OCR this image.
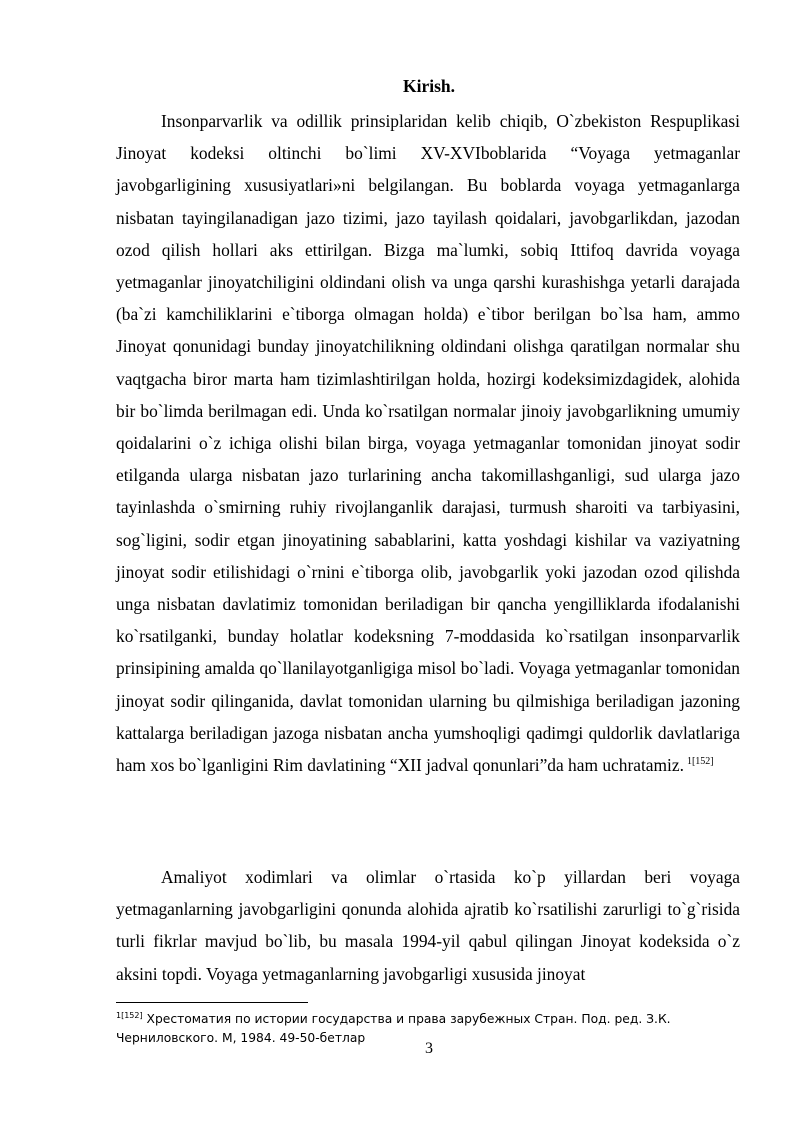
Kirish.

Insonparvarlik va odillik prinsiplaridan kelib chiqib, O`zbekiston Respuplikasi Jinoyat kodeksi oltinchi bo`limi XV-XVIboblarida “Voyaga yetmaganlar javobgarligining xususiyatlari»ni belgilangan. Bu boblarda voyaga yetmaganlarga nisbatan tayingilanadigan jazo tizimi, jazo tayilash qoidalari, javobgarlikdan, jazodan ozod qilish hollari aks ettirilgan. Bizga ma`lumki, sobiq Ittifoq davrida voyaga yetmaganlar jinoyatchiligini oldindani olish va unga qarshi kurashishga yetarli darajada (ba`zi kamchiliklarini e`tiborga olmagan holda) e`tibor berilgan bo`lsa ham, ammo Jinoyat qonunidagi bunday jinoyatchilikning oldindani olishga qaratilgan normalar shu vaqtgacha biror marta ham tizimlashtirilgan holda, hozirgi kodeksimizdagidek, alohida bir bo`limda berilmagan edi. Unda ko`rsatilgan normalar jinoiy javobgarlikning umumiy qoidalarini o`z ichiga olishi bilan birga, voyaga yetmaganlar tomonidan jinoyat sodir etilganda ularga nisbatan jazo turlarining ancha takomillashganligi, sud ularga jazo tayinlashda o`smirning ruhiy rivojlanganlik darajasi, turmush sharoiti va tarbiyasini, sog`ligini, sodir etgan jinoyatining sabablarini, katta yoshdagi kishilar va vaziyatning jinoyat sodir etilishidagi o`rnini e`tiborga olib, javobgarlik yoki jazodan ozod qilishda unga nisbatan davlatimiz tomonidan beriladigan bir qancha yengilliklarda ifodalanishi ko`rsatilganki, bunday holatlar kodeksning 7-moddasida ko`rsatilgan insonparvarlik prinsipining amalda qo`llanilayotganligiga misol bo`ladi. Voyaga yetmaganlar tomonidan jinoyat sodir qilinganida, davlat tomonidan ularning bu qilmishiga beriladigan jazoning kattalarga beriladigan jazoga nisbatan ancha yumshoqligi qadimgi quldorlik davlatlariga ham xos bo`lganligini Rim davlatining “XII jadval qonunlari”da ham uchratamiz. $^{1[152]}$

Amaliyot xodimlari va olimlar o`rtasida ko`p yillardan beri voyaga yetmaganlarning javobgarligini qonunda alohida ajratib ko`rsatilishi zarurligi to`g`risida turli fikrlar mavjud bo`lib, bu masala 1994-yil qabul qilingan Jinoyat kodeksida o`z aksini topdi. Voyaga yetmaganlarning javobgarligi xususida jinoyat

$^{1[152]}$ Хрестоматия по истории государства и права зарубежных Стран. Под. ред. З.К. Черниловского. М, 1984. 49-50-бетлар
3
